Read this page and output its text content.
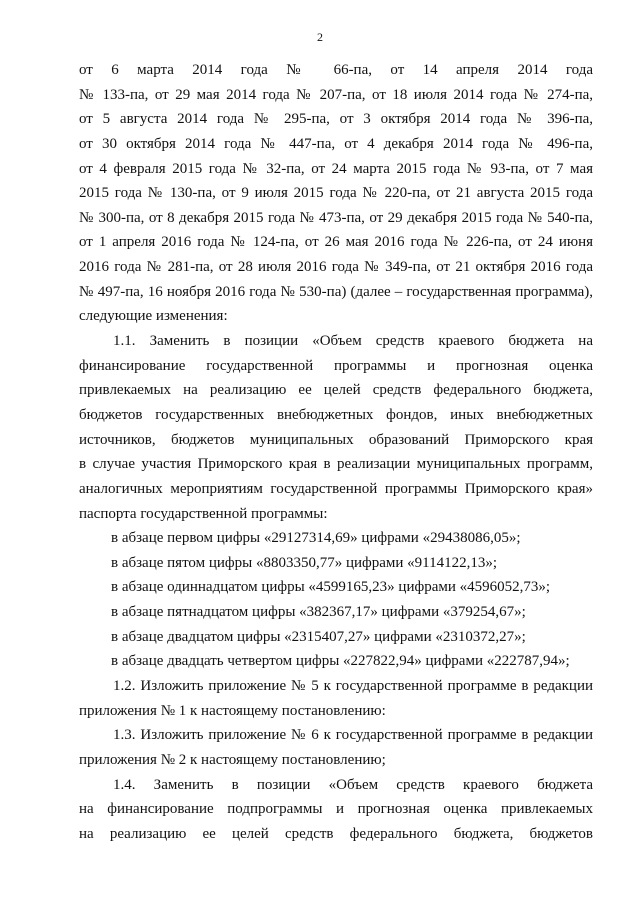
2
от 6 марта 2014 года № 66-па, от 14 апреля 2014 года
№ 133-па, от 29 мая 2014 года № 207-па, от 18 июля 2014 года № 274-па,
от 5 августа 2014 года № 295-па, от 3 октября 2014 года № 396-па,
от 30 октября 2014 года № 447-па, от 4 декабря 2014 года № 496-па,
от 4 февраля 2015 года № 32-па, от 24 марта 2015 года № 93-па, от 7 мая
2015 года № 130-па, от 9 июля 2015 года № 220-па, от 21 августа 2015 года
№ 300-па, от 8 декабря 2015 года № 473-па, от 29 декабря 2015 года № 540-па,
от 1 апреля 2016 года № 124-па, от 26 мая 2016 года № 226-па, от 24 июня
2016 года № 281-па, от 28 июля 2016 года № 349-па, от 21 октября 2016 года
№ 497-па, 16 ноября 2016 года № 530-па) (далее – государственная программа),
следующие изменения:
1.1. Заменить в позиции «Объем средств краевого бюджета на
финансирование государственной программы и прогнозная оценка
привлекаемых на реализацию ее целей средств федерального бюджета,
бюджетов государственных внебюджетных фондов, иных внебюджетных
источников, бюджетов муниципальных образований Приморского края
в случае участия Приморского края в реализации муниципальных программ,
аналогичных мероприятиям государственной программы Приморского края»
паспорта государственной программы:
в абзаце первом цифры «29127314,69» цифрами «29438086,05»;
в абзаце пятом цифры «8803350,77» цифрами «9114122,13»;
в абзаце одиннадцатом цифры «4599165,23» цифрами «4596052,73»;
в абзаце пятнадцатом цифры «382367,17» цифрами «379254,67»;
в абзаце двадцатом цифры «2315407,27» цифрами «2310372,27»;
в абзаце двадцать четвертом цифры «227822,94» цифрами «222787,94»;
1.2. Изложить приложение № 5 к государственной программе в редакции
приложения № 1 к настоящему постановлению:
1.3. Изложить приложение № 6 к государственной программе в редакции
приложения № 2 к настоящему постановлению;
1.4. Заменить в позиции «Объем средств краевого бюджета
на финансирование подпрограммы и прогнозная оценка привлекаемых
на реализацию ее целей средств федерального бюджета, бюджетов
